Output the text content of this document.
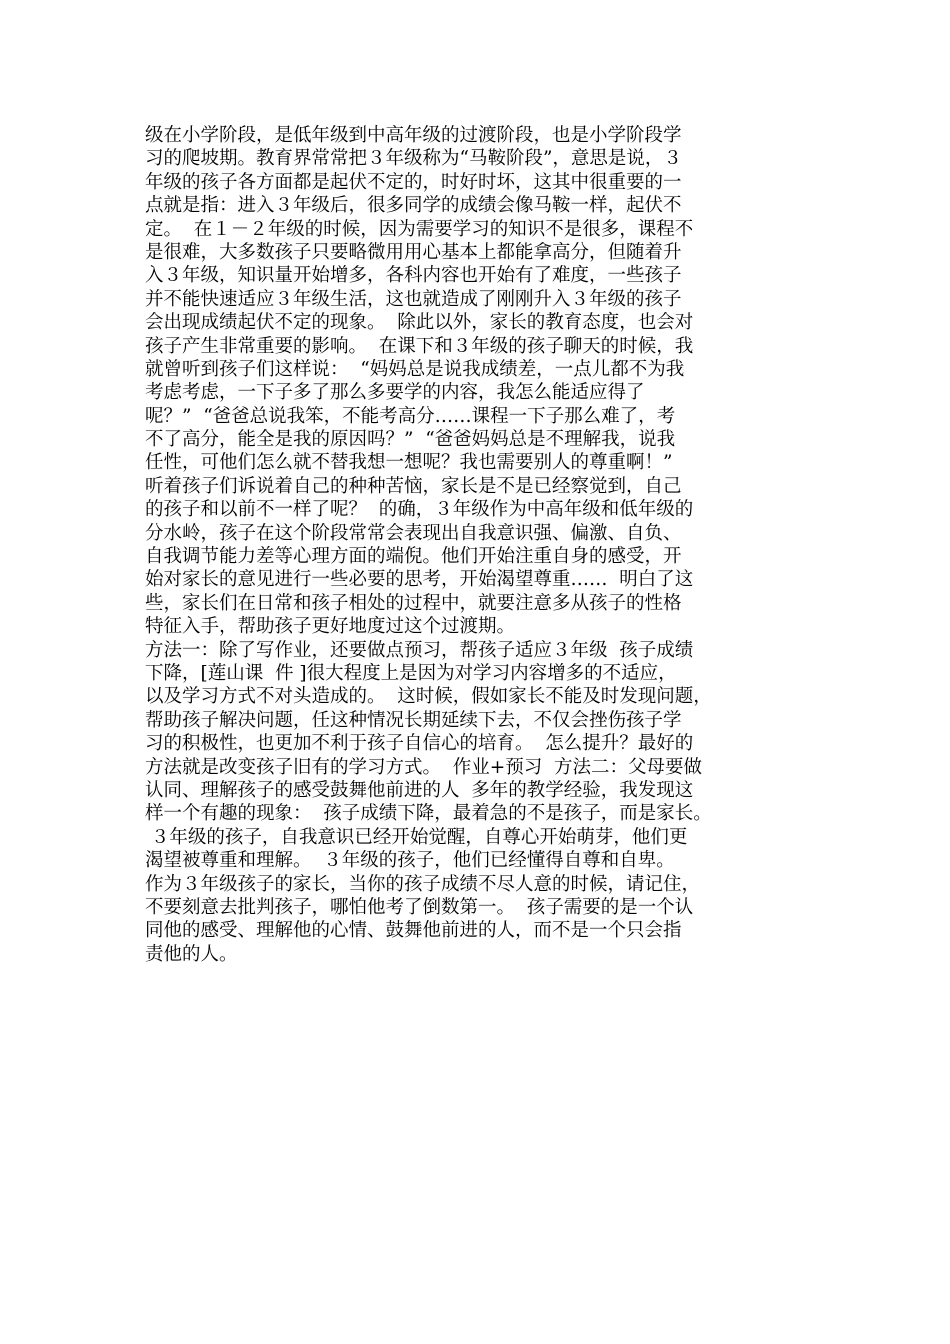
级在小学阶段，是低年级到中高年级的过渡阶段，也是小学阶段学
习的爬坡期。教育界常常把３年级称为“马鞍阶段”，意思是说，３
年级的孩子各方面都是起伏不定的，时好时坏，这其中很重要的一
点就是指：进入３年级后，很多同学的成绩会像马鞍一样，起伏不
定。  在１－２年级的时候，因为需要学习的知识不是很多，课程不
是很难，大多数孩子只要略微用用心基本上都能拿高分，但随着升
入３年级，知识量开始增多，各科内容也开始有了难度，一些孩子
并不能快速适应３年级生活，这也就造成了刚刚升入３年级的孩子
会出现成绩起伏不定的现象。  除此以外，家长的教育态度，也会对
孩子产生非常重要的影响。  在课下和３年级的孩子聊天的时候，我
就曾听到孩子们这样说：  “妈妈总是说我成绩差，一点儿都不为我
考虑考虑，一下子多了那么多要学的内容，我怎么能适应得了
呢？”  “爸爸总说我笨，不能考高分……课程一下子那么难了，考
不了高分，能全是我的原因吗？”  “爸爸妈妈总是不理解我，说我
任性，可他们怎么就不替我想一想呢？我也需要别人的尊重啊！”
听着孩子们诉说着自己的种种苦恼，家长是不是已经察觉到，自己
的孩子和以前不一样了呢？  的确，３年级作为中高年级和低年级的
分水岭，孩子在这个阶段常常会表现出自我意识强、偏激、自负、
自我调节能力差等心理方面的端倪。他们开始注重自身的感受，开
始对家长的意见进行一些必要的思考，开始渴望尊重……  明白了这
些，家长们在日常和孩子相处的过程中，就要注意多从孩子的性格
特征入手，帮助孩子更好地度过这个过渡期。
方法一：除了写作业，还要做点预习，帮孩子适应３年级  孩子成绩
下降，[莲山课  件 ]很大程度上是因为对学习内容增多的不适应，
以及学习方式不对头造成的。  这时候，假如家长不能及时发现问题，
帮助孩子解决问题，任这种情况长期延续下去，不仅会挫伤孩子学
习的积极性，也更加不利于孩子自信心的培育。  怎么提升？最好的
方法就是改变孩子旧有的学习方式。  作业+预习  方法二：父母要做
认同、理解孩子的感受鼓舞他前进的人  多年的教学经验，我发现这
样一个有趣的现象：  孩子成绩下降，最着急的不是孩子，而是家长。
３年级的孩子，自我意识已经开始觉醒，自尊心开始萌芽，他们更
渴望被尊重和理解。  ３年级的孩子，他们已经懂得自尊和自卑。
作为３年级孩子的家长，当你的孩子成绩不尽人意的时候，请记住，
不要刻意去批判孩子，哪怕他考了倒数第一。  孩子需要的是一个认
同他的感受、理解他的心情、鼓舞他前进的人，而不是一个只会指
责他的人。
